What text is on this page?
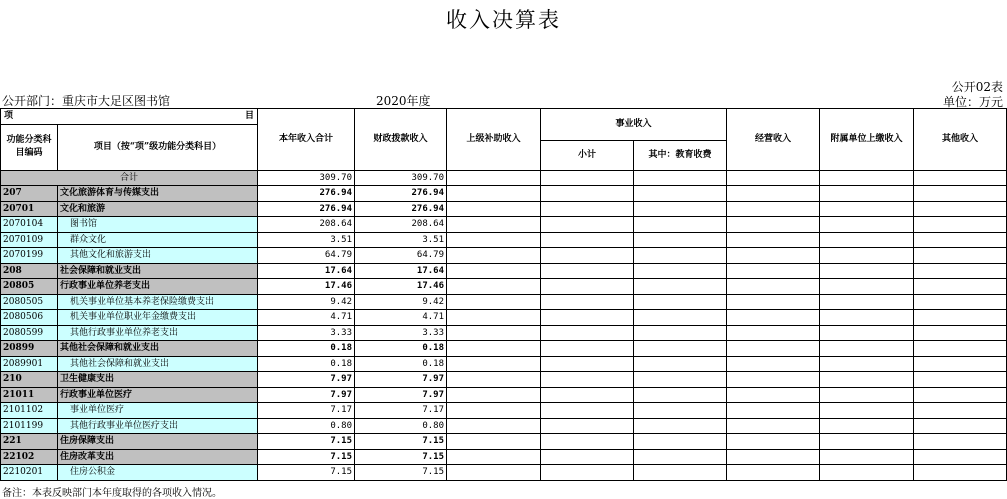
收入决算表
公开02表
公开部门：重庆市大足区图书馆	2020年度	单位：万元
项 目		本年收入合计	财政拨款收入	上级补助收入	事业收入		经营收入	附属单位上缴收入	其他收入
功能分类科目编码	项目（按“项”级功能分类科目）								
					小计	其中：教育收费			
合计		309.70	309.70						
207	文化旅游体育与传媒支出	276.94	276.94						
20701	文化和旅游	276.94	276.94						
2070104	图书馆	208.64	208.64						
2070109	群众文化	3.51	3.51						
2070199	其他文化和旅游支出	64.79	64.79						
208	社会保障和就业支出	17.64	17.64						
20805	行政事业单位养老支出	17.46	17.46						
2080505	机关事业单位基本养老保险缴费支出	9.42	9.42						
2080506	机关事业单位职业年金缴费支出	4.71	4.71						
2080599	其他行政事业单位养老支出	3.33	3.33						
20899	其他社会保障和就业支出	0.18	0.18						
2089901	其他社会保障和就业支出	0.18	0.18						
210	卫生健康支出	7.97	7.97						
21011	行政事业单位医疗	7.97	7.97						
2101102	事业单位医疗	7.17	7.17						
2101199	其他行政事业单位医疗支出	0.80	0.80						
221	住房保障支出	7.15	7.15						
22102	住房改革支出	7.15	7.15						
2210201	住房公积金	7.15	7.15						
备注：本表反映部门本年度取得的各项收入情况。
